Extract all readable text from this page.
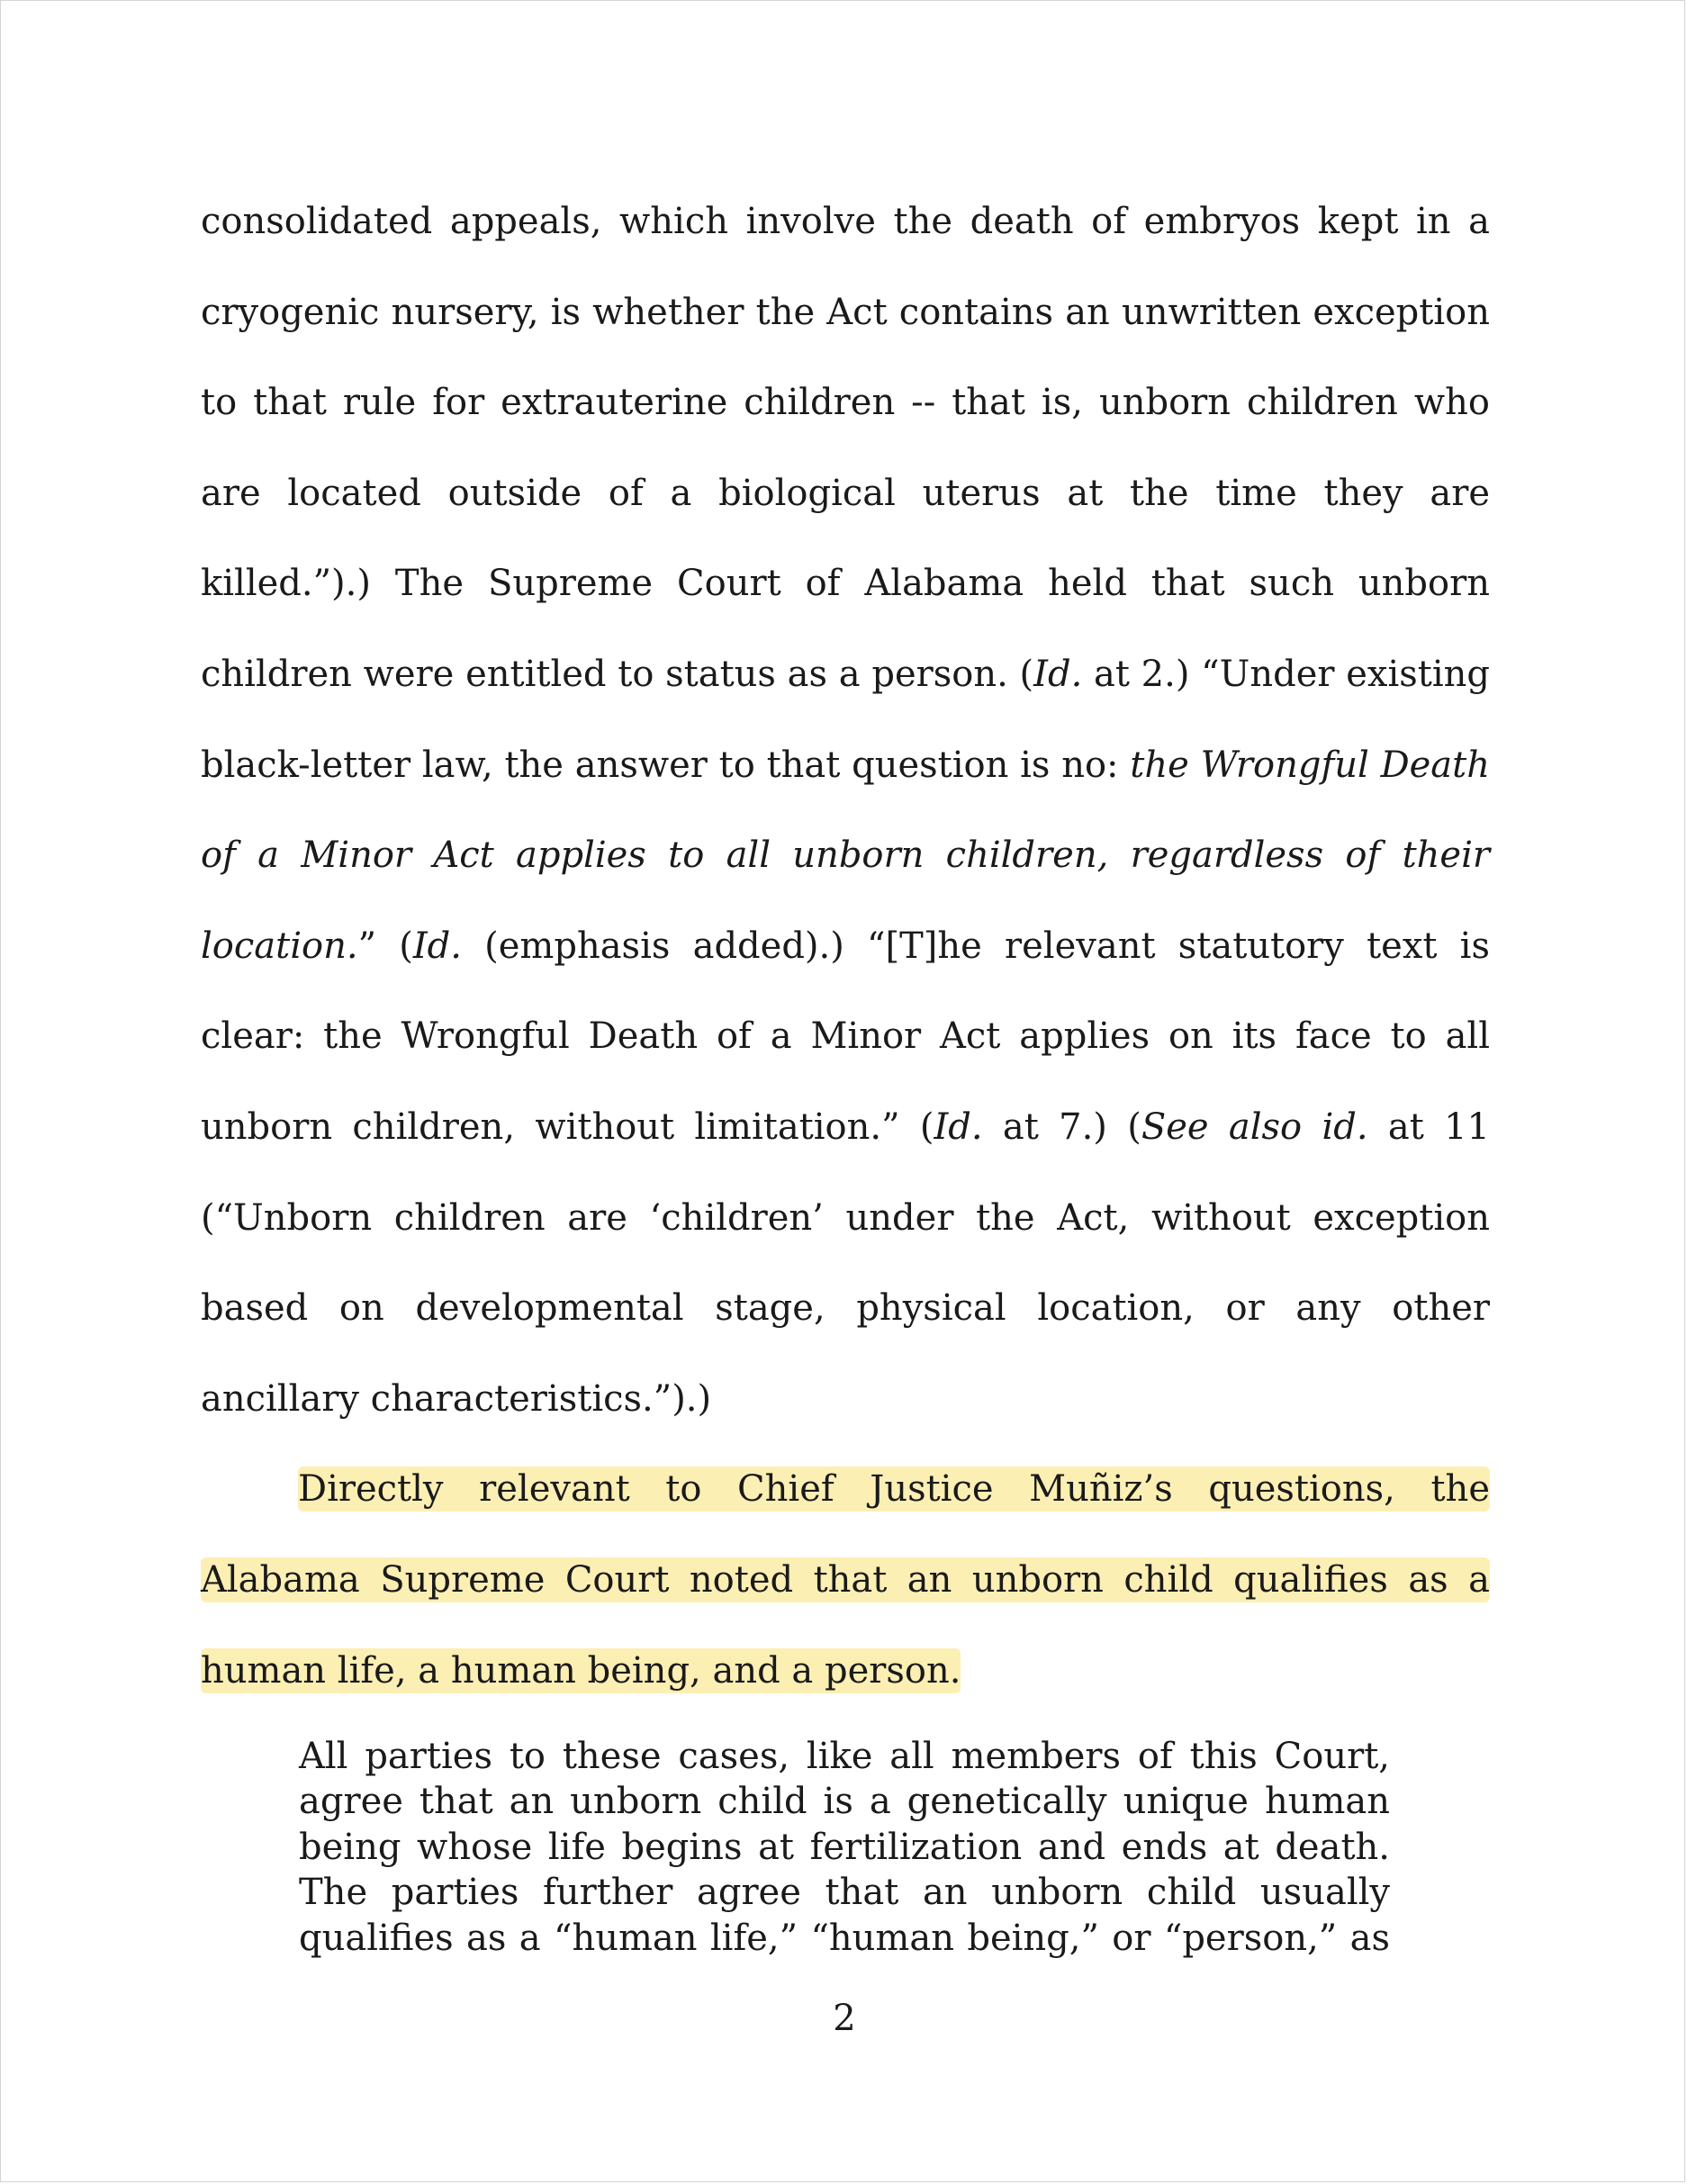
consolidated appeals, which involve the death of embryos kept in a cryogenic nursery, is whether the Act contains an unwritten exception to that rule for extrauterine children -- that is, unborn children who are located outside of a biological uterus at the time they are killed.”).) The Supreme Court of Alabama held that such unborn children were entitled to status as a person. (Id. at 2.) “Under existing black-letter law, the answer to that question is no: the Wrongful Death of a Minor Act applies to all unborn children, regardless of their location.” (Id. (emphasis added).) “[T]he relevant statutory text is clear: the Wrongful Death of a Minor Act applies on its face to all unborn children, without limitation.” (Id. at 7.) (See also id. at 11 (“Unborn children are ‘children’ under the Act, without exception based on developmental stage, physical location, or any other ancillary characteristics.”).)

Directly relevant to Chief Justice Muñiz’s questions, the Alabama Supreme Court noted that an unborn child qualifies as a human life, a human being, and a person.

All parties to these cases, like all members of this Court, agree that an unborn child is a genetically unique human being whose life begins at fertilization and ends at death. The parties further agree that an unborn child usually qualifies as a “human life,” “human being,” or “person,” as

2
